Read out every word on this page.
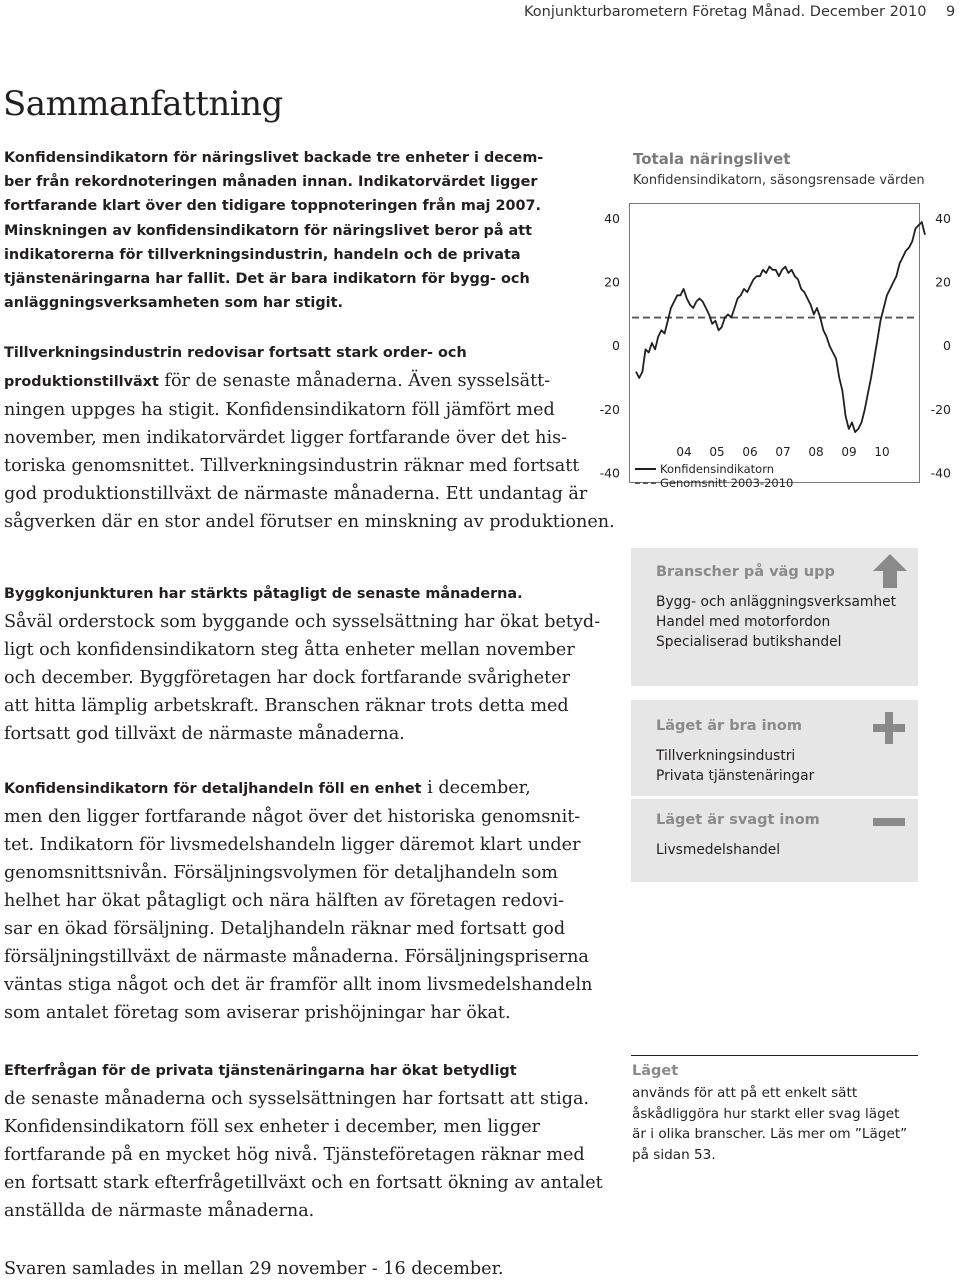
Konjunkturbarometern Företag Månad. December 2010 9
Sammanfattning
Konfidensindikatorn för näringslivet backade tre enheter i decem-
ber från rekordnoteringen månaden innan. Indikatorvärdet ligger
fortfarande klart över den tidigare toppnoteringen från maj 2007.
Minskningen av konfidensindikatorn för näringslivet beror på att
indikatorerna för tillverkningsindustrin, handeln och de privata
tjänstenäringarna har fallit. Det är bara indikatorn för bygg- och
anläggningsverksamheten som har stigit.
Tillverkningsindustrin redovisar fortsatt stark order- och
produktionstillväxt för de senaste månaderna. Även sysselsätt-
ningen uppges ha stigit. Konfidensindikatorn föll jämfört med
november, men indikatorvärdet ligger fortfarande över det his-
toriska genomsnittet. Tillverkningsindustrin räknar med fortsatt
god produktionstillväxt de närmaste månaderna. Ett undantag är
sågverken där en stor andel förutser en minskning av produktionen.
Byggkonjunkturen har stärkts påtagligt de senaste månaderna.
Såväl orderstock som byggande och sysselsättning har ökat betyd-
ligt och konfidensindikatorn steg åtta enheter mellan november
och december. Byggföretagen har dock fortfarande svårigheter
att hitta lämplig arbetskraft. Branschen räknar trots detta med
fortsatt god tillväxt de närmaste månaderna.
Konfidensindikatorn för detaljhandeln föll en enhet i december,
men den ligger fortfarande något över det historiska genomsnit-
tet. Indikatorn för livsmedelshandeln ligger däremot klart under
genomsnittsnivån. Försäljningsvolymen för detaljhandeln som
helhet har ökat påtagligt och nära hälften av företagen redovi-
sar en ökad försäljning. Detaljhandeln räknar med fortsatt god
försäljningstillväxt de närmaste månaderna. Försäljningspriserna
väntas stiga något och det är framför allt inom livsmedelshandeln
som antalet företag som aviserar prishöjningar har ökat.
Efterfrågan för de privata tjänstenäringarna har ökat betydligt
de senaste månaderna och sysselsättningen har fortsatt att stiga.
Konfidensindikatorn föll sex enheter i december, men ligger
fortfarande på en mycket hög nivå. Tjänsteföretagen räknar med
en fortsatt stark efterfrågetillväxt och en fortsatt ökning av antalet
anställda de närmaste månaderna.
Svaren samlades in mellan 29 november - 16 december.
Totala näringslivet
Konfidensindikatorn, säsongsrensade värden
40	40
20	20
0	0
-20	-20
-40	-40
04 05 06 07 08 09 10
Konfidensindikatorn
Genomsnitt 2003-2010
Branscher på väg upp
Bygg- och anläggningsverksamhet
Handel med motorfordon
Specialiserad butikshandel
Läget är bra inom
Tillverkningsindustri
Privata tjänstenäringar
Läget är svagt inom
Livsmedelshandel
Läget
används för att på ett enkelt sätt
åskådliggöra hur starkt eller svag läget
är i olika branscher. Läs mer om ”Läget”
på sidan 53.
